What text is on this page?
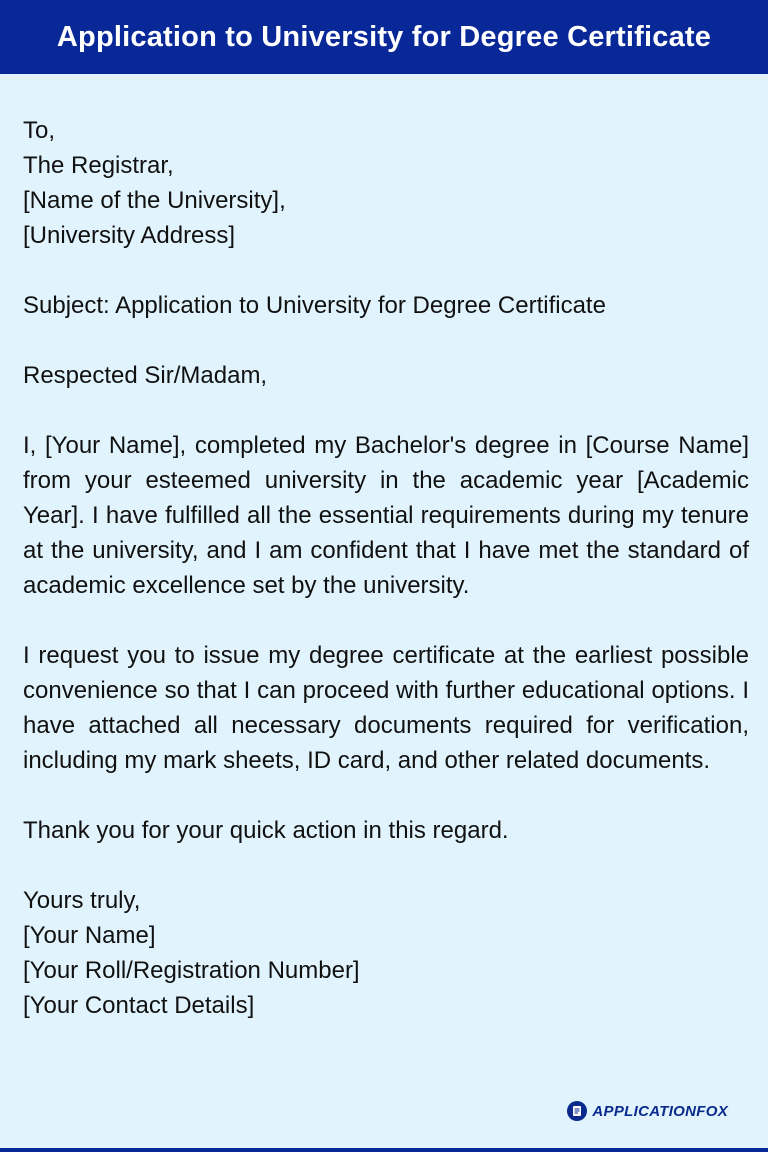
Application to University for Degree Certificate
To,
The Registrar,
[Name of the University],
[University Address]
Subject: Application to University for Degree Certificate
Respected Sir/Madam,
I, [Your Name], completed my Bachelor's degree in [Course Name] from your esteemed university in the academic year [Academic Year]. I have fulfilled all the essential requirements during my tenure at the university, and I am confident that I have met the standard of academic excellence set by the university.
I request you to issue my degree certificate at the earliest possible convenience so that I can proceed with further educational options. I have attached all necessary documents required for verification, including my mark sheets, ID card, and other related documents.
Thank you for your quick action in this regard.
Yours truly,
[Your Name]
[Your Roll/Registration Number]
[Your Contact Details]
APPLICATIONFOX
